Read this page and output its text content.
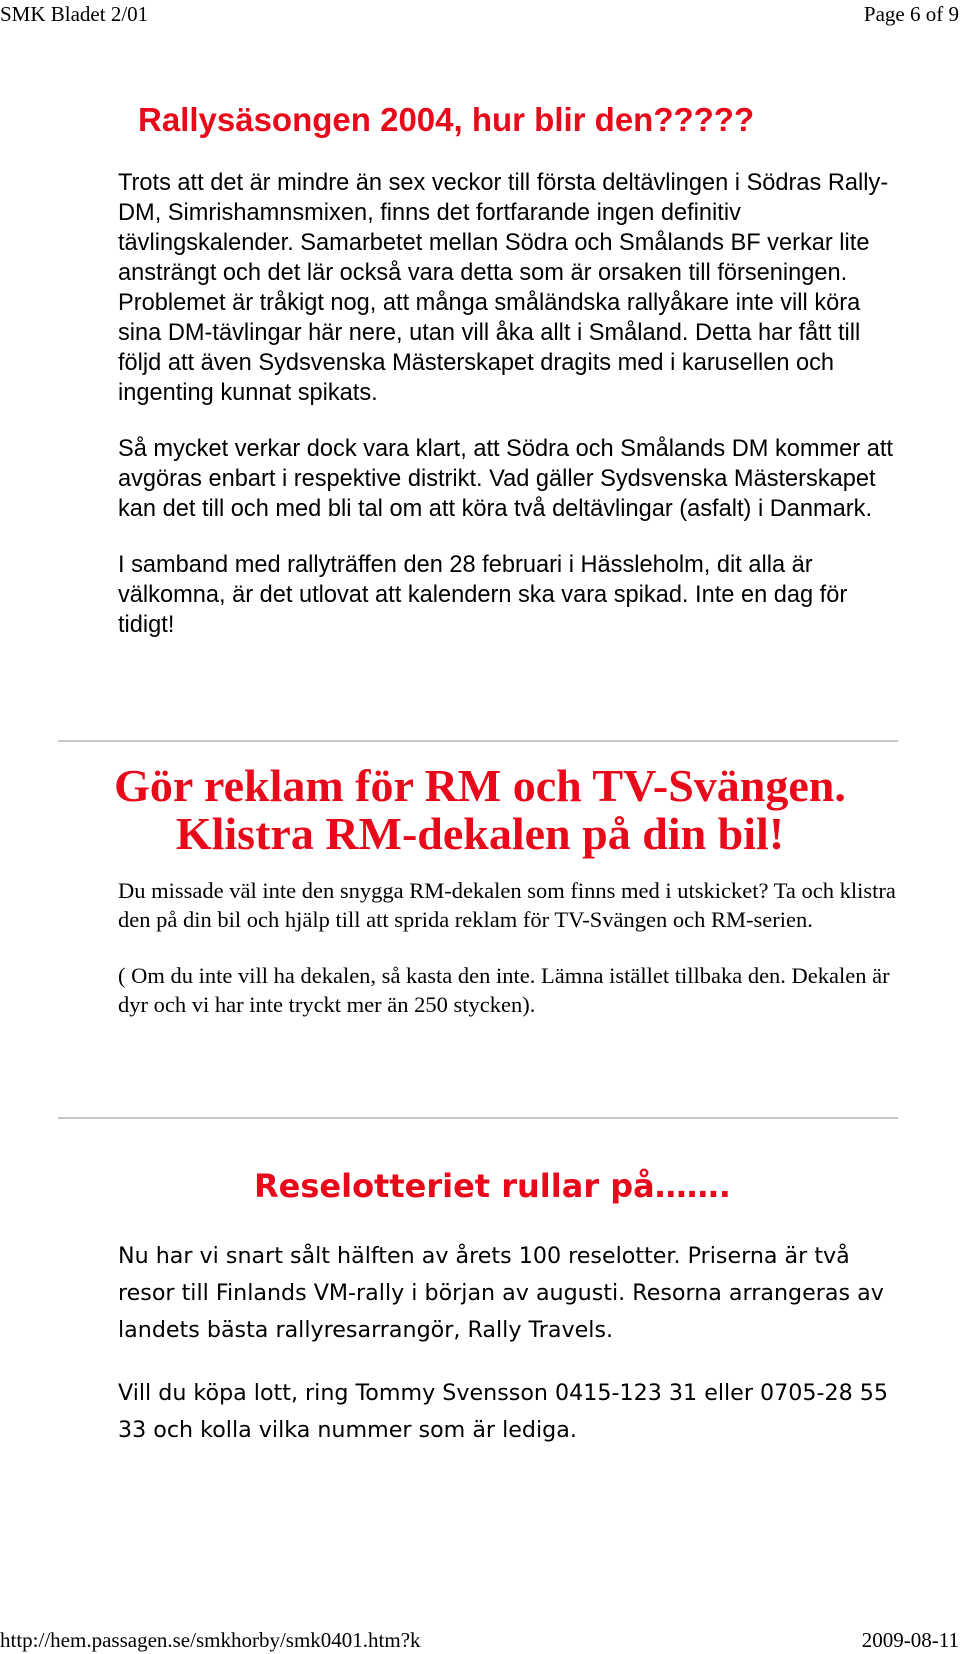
SMK Bladet 2/01	Page 6 of 9
Rallysäsongen 2004, hur blir den?????

Trots att det är mindre än sex veckor till första deltävlingen i Södras Rally-DM, Simrishamnsmixen, finns det fortfarande ingen definitiv tävlingskalender. Samarbetet mellan Södra och Smålands BF verkar lite ansträngt och det lär också vara detta som är orsaken till förseningen. Problemet är tråkigt nog, att många småländska rallyåkare inte vill köra sina DM-tävlingar här nere, utan vill åka allt i Småland. Detta har fått till följd att även Sydsvenska Mästerskapet dragits med i karusellen och ingenting kunnat spikats.

Så mycket verkar dock vara klart, att Södra och Smålands DM kommer att avgöras enbart i respektive distrikt. Vad gäller Sydsvenska Mästerskapet kan det till och med bli tal om att köra två deltävlingar (asfalt) i Danmark.

I samband med rallyträffen den 28 februari i Hässleholm, dit alla är välkomna, är det utlovat att kalendern ska vara spikad. Inte en dag för tidigt!

Gör reklam för RM och TV-Svängen.
Klistra RM-dekalen på din bil!

Du missade väl inte den snygga RM-dekalen som finns med i utskicket? Ta och klistra den på din bil och hjälp till att sprida reklam för TV-Svängen och RM-serien.

( Om du inte vill ha dekalen, så kasta den inte. Lämna istället tillbaka den. Dekalen är dyr och vi har inte tryckt mer än 250 stycken).

Reselotteriet rullar på…….

Nu har vi snart sålt hälften av årets 100 reselotter. Priserna är två resor till Finlands VM-rally i början av augusti. Resorna arrangeras av landets bästa rallyresarrangör, Rally Travels.

Vill du köpa lott, ring Tommy Svensson 0415-123 31 eller 0705-28 55 33 och kolla vilka nummer som är lediga.

http://hem.passagen.se/smkhorby/smk0401.htm?k	2009-08-11
